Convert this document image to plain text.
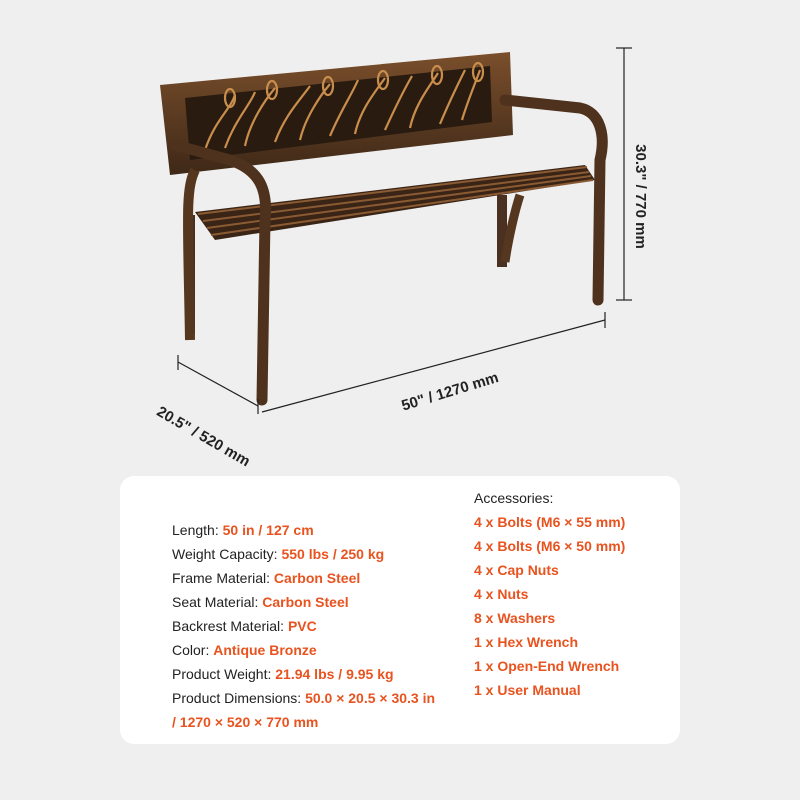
30.3" / 770 mm
20.5" / 520 mm
50" / 1270 mm
Length: 50 in / 127 cm
Weight Capacity: 550 lbs / 250 kg
Frame Material: Carbon Steel
Seat Material: Carbon Steel
Backrest Material: PVC
Color: Antique Bronze
Product Weight: 21.94 lbs / 9.95 kg
Product Dimensions: 50.0 × 20.5 × 30.3 in
/ 1270 × 520 × 770 mm
Accessories:
4 x Bolts (M6 × 55 mm)
4 x Bolts (M6 × 50 mm)
4 x Cap Nuts
4 x Nuts
8 x Washers
1 x Hex Wrench
1 x Open-End Wrench
1 x User Manual
